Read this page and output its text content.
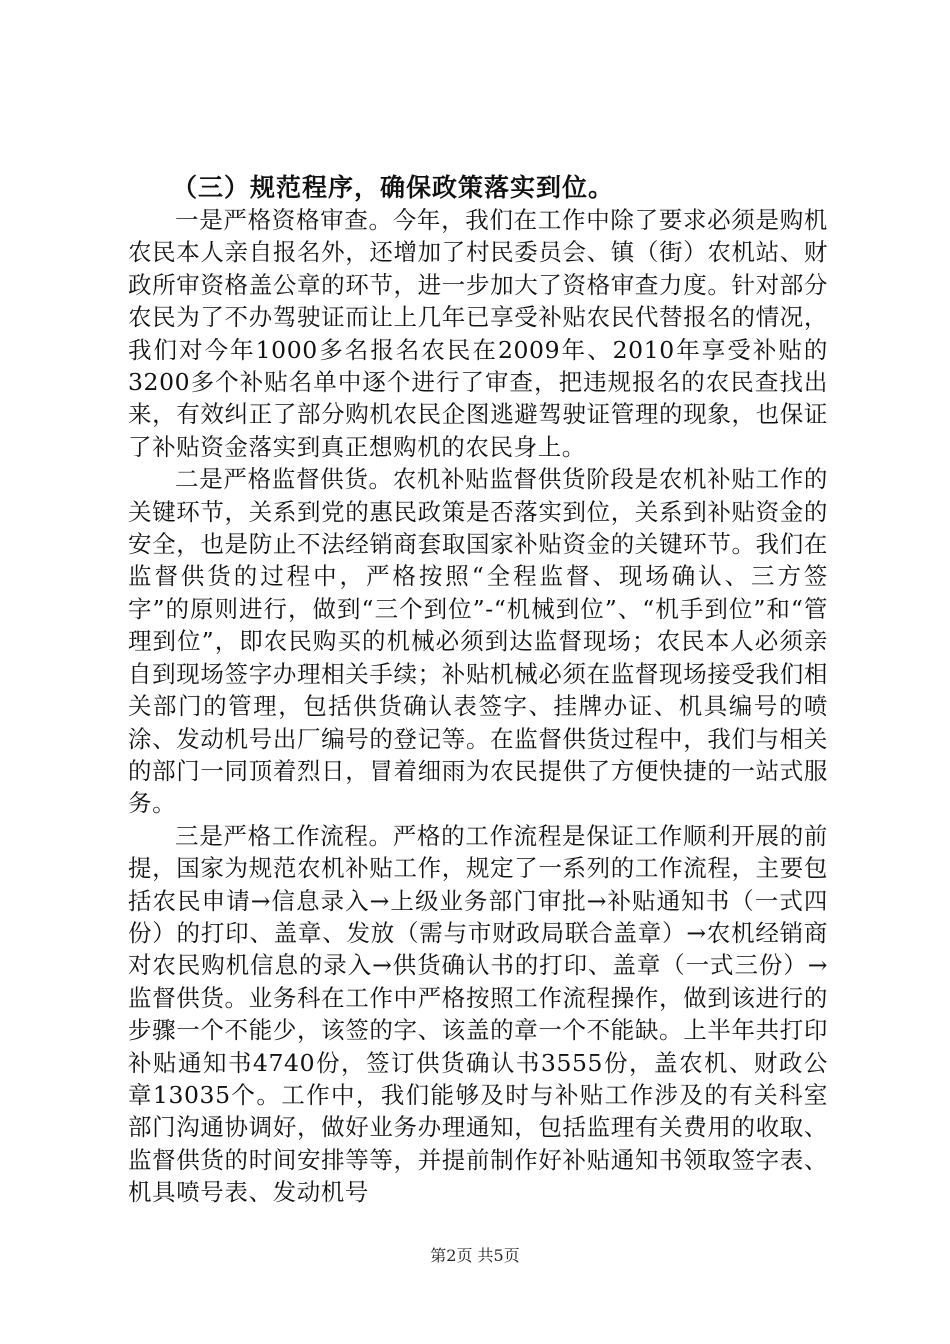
（三）规范程序，确保政策落实到位。

一是严格资格审查。今年，我们在工作中除了要求必须是购机农民本人亲自报名外，还增加了村民委员会、镇（街）农机站、财政所审资格盖公章的环节，进一步加大了资格审查力度。针对部分农民为了不办驾驶证而让上几年已享受补贴农民代替报名的情况，我们对今年1000多名报名农民在2009年、2010年享受补贴的3200多个补贴名单中逐个进行了审查，把违规报名的农民查找出来，有效纠正了部分购机农民企图逃避驾驶证管理的现象，也保证了补贴资金落实到真正想购机的农民身上。

二是严格监督供货。农机补贴监督供货阶段是农机补贴工作的关键环节，关系到党的惠民政策是否落实到位，关系到补贴资金的安全，也是防止不法经销商套取国家补贴资金的关键环节。我们在监督供货的过程中，严格按照“全程监督、现场确认、三方签字”的原则进行，做到“三个到位”-“机械到位”、“机手到位”和“管理到位”，即农民购买的机械必须到达监督现场；农民本人必须亲自到现场签字办理相关手续；补贴机械必须在监督现场接受我们相关部门的管理，包括供货确认表签字、挂牌办证、机具编号的喷涂、发动机号出厂编号的登记等。在监督供货过程中，我们与相关的部门一同顶着烈日，冒着细雨为农民提供了方便快捷的一站式服务。

三是严格工作流程。严格的工作流程是保证工作顺利开展的前提，国家为规范农机补贴工作，规定了一系列的工作流程，主要包括农民申请→信息录入→上级业务部门审批→补贴通知书（一式四份）的打印、盖章、发放（需与市财政局联合盖章）→农机经销商对农民购机信息的录入→供货确认书的打印、盖章（一式三份）→监督供货。业务科在工作中严格按照工作流程操作，做到该进行的步骤一个不能少，该签的字、该盖的章一个不能缺。上半年共打印补贴通知书4740份，签订供货确认书3555份，盖农机、财政公章13035个。工作中，我们能够及时与补贴工作涉及的有关科室部门沟通协调好，做好业务办理通知，包括监理有关费用的收取、监督供货的时间安排等等，并提前制作好补贴通知书领取签字表、机具喷号表、发动机号

第2页 共5页
